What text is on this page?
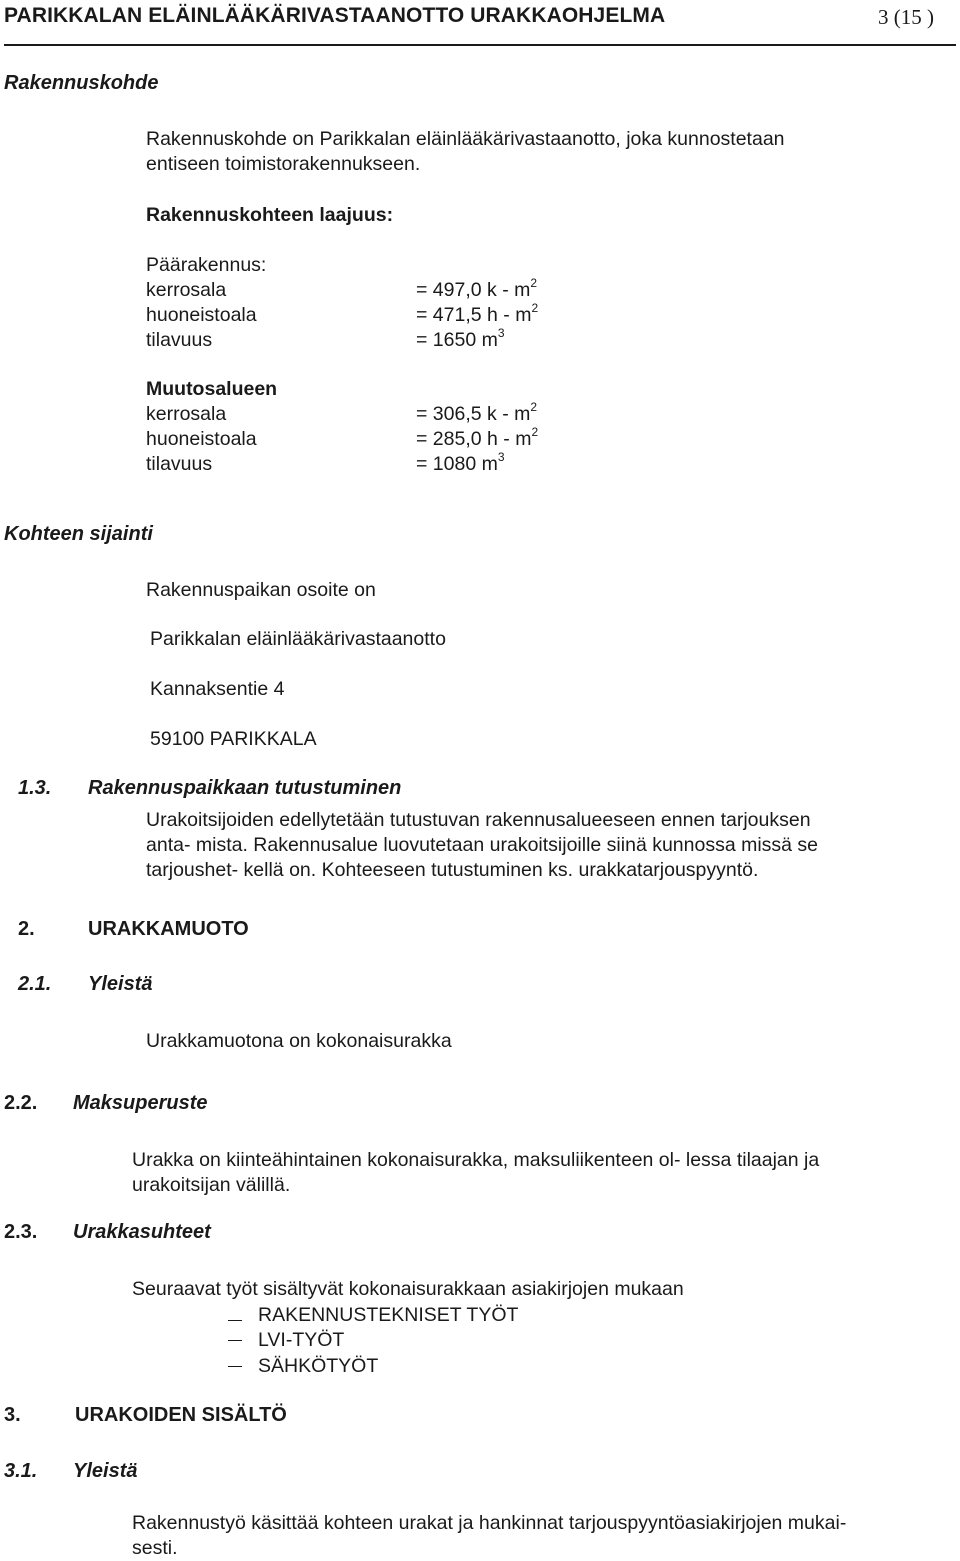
PARIKKALAN ELÄINLÄÄKÄRIVASTAANOTTO URAKKAOHJELMA	3 (15 )
Rakennuskohde
Rakennuskohde on Parikkalan eläinlääkärivastaanotto, joka kunnostetaan
entiseen toimistorakennukseen.
Rakennuskohteen laajuus:
Päärakennus:
kerrosala	= 497,0 k - $m^2$
huoneistoala	= 471,5 h - $m^2$
tilavuus	= 1650 $m^3$
Muutosalueen
kerrosala	= 306,5 k - $m^2$
huoneistoala	= 285,0 h - $m^2$
tilavuus	= 1080 $m^3$
Kohteen sijainti
Rakennuspaikan osoite on
Parikkalan eläinlääkärivastaanotto
Kannaksentie 4
59100 PARIKKALA
1.3. Rakennuspaikkaan tutustuminen
Urakoitsijoiden edellytetään tutustuvan rakennusalueeseen ennen tarjouksen
anta- mista. Rakennusalue luovutetaan urakoitsijoille siinä kunnossa missä se
tarjoushet- kellä on. Kohteeseen tutustuminen ks. urakkatarjouspyyntö.
2.	URAKKAMUOTO
2.1. Yleistä
Urakkamuotona on kokonaisurakka
2.2. Maksuperuste
Urakka on kiinteähintainen kokonaisurakka, maksuliikenteen ol- lessa tilaajan ja
urakoitsijan välillä.
2.3. Urakkasuhteet
Seuraavat työt sisältyvät kokonaisurakkaan asiakirjojen mukaan
RAKENNUSTEKNISET TYÖT
LVI-TYÖT
SÄHKÖTYÖT
3.	URAKOIDEN SISÄLTÖ
3.1. Yleistä
Rakennustyö käsittää kohteen urakat ja hankinnat tarjouspyyntöasiakirjojen mukai-
sesti.
